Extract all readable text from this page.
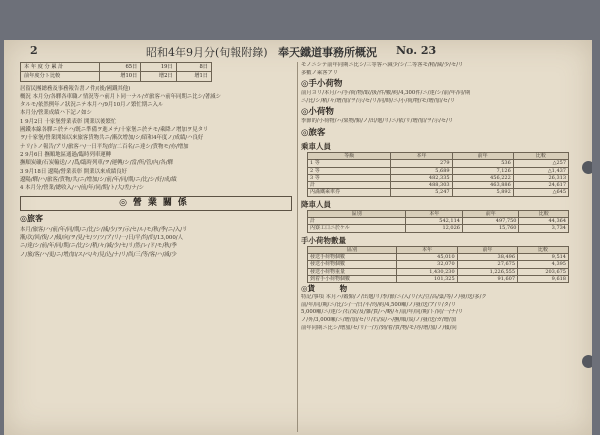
2	昭和4年9月分(旬報附錄) 奉天鐵道事務所概況 No. 23
本 年 度 分 累 計	65日	19日	8日
前年度分ト比較	增10日	增2日	增1日

居留民團總務及事務報告書ノ件/(後/國鐵其他)

概況 本月分/各驛各車職ノ情況等ハ前月ト同一ナル/ガ旅客ハ前年同期ニ比シ/著減シ

タルモ/依然例年ノ狀況ニテ本月ハ/9月10月ノ繁忙期ニ入ル

本月分/營業成績ハ下記ノ如シ

1 9月2日 十家堡營業表彰 開業以後繁忙

國鐵本線各驛ニ於テハ/既ニ準備ヲ進メテ/十家堡ニ於テモ/乘降ノ增加ヲ見タリ

ヲ/十家堡/營業開始以來旅客貨物共ニ/漸次增加/シ/昭和4年度ノ/成績/ハ良好

ナリ/トノ報告/アリ/旅客ハ/一日平均/約/二百名/ニ達シ/貨物モ/亦/增加

2 9月6日 撫順地區通過/臨時列車運轉

撫順炭礦/石炭輸送/ノ/爲/臨時列車/ヲ/運轉/シ/當/所/管/內/各/驛

3 9月18日 遼陽/營業表彰 開業以來成績良好

遼陽/驛/ハ/旅客/貨物/共/ニ/增加/シ/前/年/同/期/ニ/比/シ/好/成/績

4 本月分/營業/總收入/ハ/前/年/同/期/ト/大/差/ナ/シ

◎營業關係
◎旅客

本月/旅客/ハ/前/年/同/期/ニ/比/シ/減/少/ヲ/示/セ/ル/モ/秋/季/ニ/入/リ

漸/次/回/復/ノ/傾/向/ヲ/見/セ/ツ/ツ/ア/リ/一/日/平/均/約/13,000/人

ニ/達/シ/前/年/同/期/ニ/比/シ/稍/々/減/少/セ/リ/然/レ/ド/モ/秋/季

ノ/旅/客/ハ/更/ニ/增/加/ス/ベ/キ/見/込/ナ/リ/尚/三/等/客/ハ/減/少

モノニシテ前年同期ニ比シ/三等客ハ減少/シ/二等客モ/稍/減/少/セ/リ

多數ノ乘客アリ

◎手小荷物

前月ヨリ/本月/ハ/手/荷/物/取/扱/件/數/約/4,300件/ニ/達/シ/前/年/同/期

ニ/比/シ/稍/々/增/加/ヲ/示/セ/リ/同/時/ニ/小/荷/物/モ/增/加/セ/リ

◎小荷物

季節的/小荷物/ハ/果物/類/ノ/出/廻/リ/ニ/依/リ/增/加/ヲ/示/セ/リ

◎旅客
乘車人員
等級	本年	前年	比較
1 等	279	536	△257
2 等	5,689	7,126	△1,437
3 等	482,335	456,222	26,313
計	488,303	463,886	24,617
內滿鐵乘車券	5,247	5,892	△645
降車人員
區別	本年	前年	比較
計	542,114	497,750	44,364
內寮工口ニ於ケル	12,026	15,760	3,734
手小荷物數量
區別	本年	前年	比較
發送手荷物個數	45,010	38,496	9,514
發送小荷物個數	32,070	27,675	4,395
發送小荷物重量	1,430,230	1,226,555	203,675
到着手小荷物個數	101,325	91,607	9,618
◎貨	物

特記/事項 本月ハ/穀類/ノ/出廻/リ/季/節/ニ/入/リ/大/豆/高/粱/等/ノ/發/送/多/ク

前/年/同/期/ニ/比/シ/一/日/平/均/約/4,500噸/ノ/發/送/ア/リ/タ/リ

5,000噸/ニ/達/シ/石/炭/及/雜/貨/ハ/略/々/前/年/同/期/ト/同/一/ナ/リ

ノ/外/3,000噸/ニ/增/加/セ/リ/石/炭/ハ/撫/順/炭/ノ/發/送/ガ/增/加

前年同期ニ比シ/增加/セ/リ/一/方/到/着/貨/物/モ/亦/增/加/ノ/傾/向
